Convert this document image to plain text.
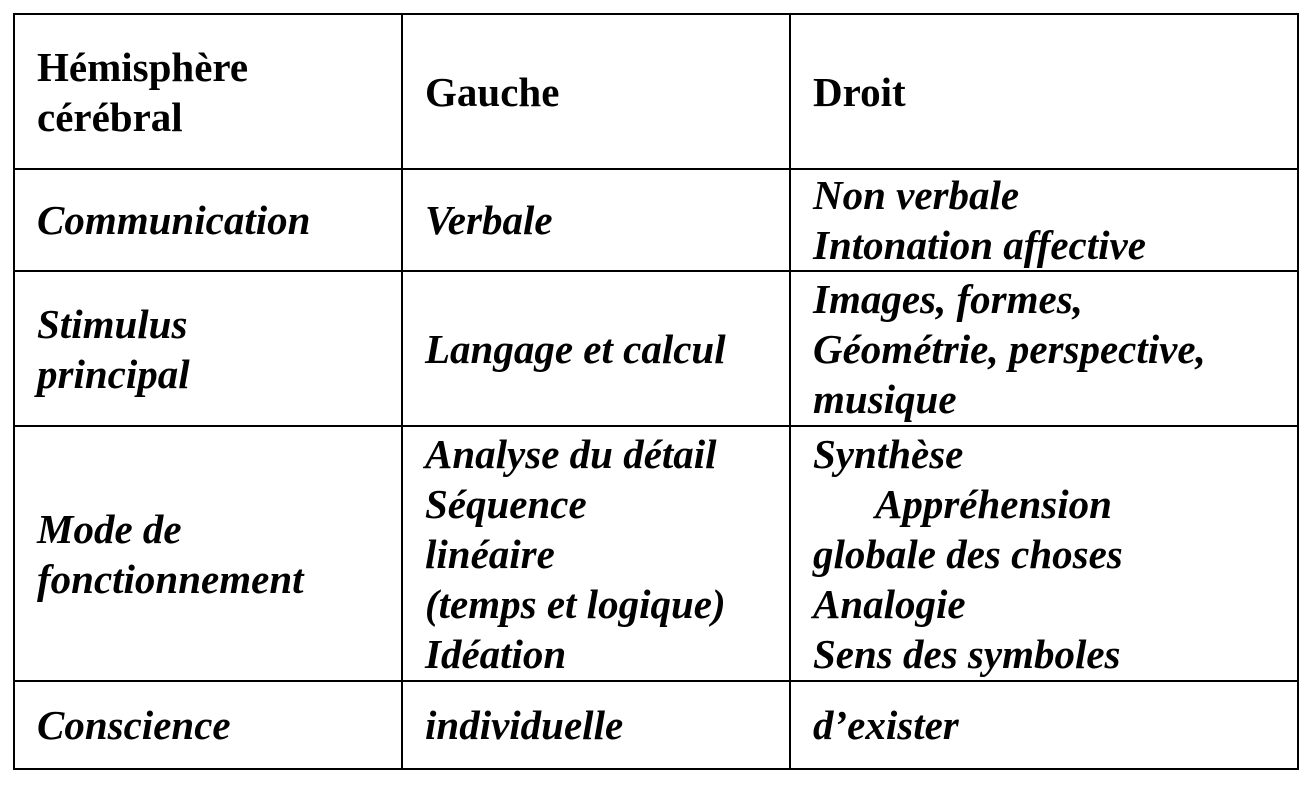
Hémisphère
cérébral	Gauche	Droit

Communication	Verbale	Non verbale
Intonation affective

Stimulus
principal	Langage et calcul	Images, formes,
Géométrie, perspective,
musique

Mode de
fonctionnement	Analyse du détail
Séquence
linéaire
(temps et logique)
Idéation	Synthèse
Appréhension
globale des choses
Analogie
Sens des symboles

Conscience	individuelle	d’exister
